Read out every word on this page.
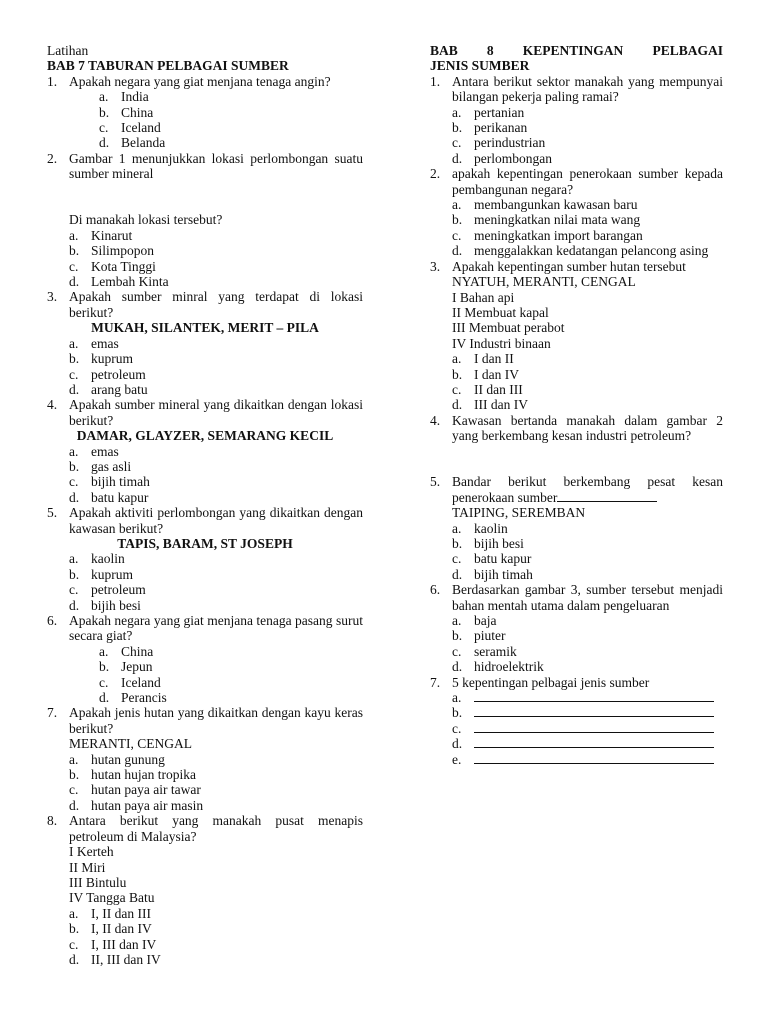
Latihan
BAB 7 TABURAN PELBAGAI SUMBER
1. Apakah negara yang giat menjana tenaga angin?
a. India
b. China
c. Iceland
d. Belanda
2. Gambar 1 menunjukkan lokasi perlombongan suatu sumber mineral
Di manakah lokasi tersebut?
a. Kinarut
b. Silimpopon
c. Kota Tinggi
d. Lembah Kinta
3. Apakah sumber minral yang terdapat di lokasi berikut?
MUKAH, SILANTEK, MERIT – PILA
a. emas
b. kuprum
c. petroleum
d. arang batu
4. Apakah sumber mineral yang dikaitkan dengan lokasi berikut?
DAMAR, GLAYZER, SEMARANG KECIL
a. emas
b. gas asli
c. bijih timah
d. batu kapur
5. Apakah aktiviti perlombongan yang dikaitkan dengan kawasan berikut?
TAPIS, BARAM, ST JOSEPH
a. kaolin
b. kuprum
c. petroleum
d. bijih besi
6. Apakah negara yang giat menjana tenaga pasang surut secara giat?
a. China
b. Jepun
c. Iceland
d. Perancis
7. Apakah jenis hutan yang dikaitkan dengan kayu keras berikut?
MERANTI, CENGAL
a. hutan gunung
b. hutan hujan tropika
c. hutan paya air tawar
d. hutan paya air masin
8. Antara berikut yang manakah pusat menapis petroleum di Malaysia?
I Kerteh
II Miri
III Bintulu
IV Tangga Batu
a. I, II dan III
b. I, II dan IV
c. I, III dan IV
d. II, III dan IV
BAB 8 KEPENTINGAN PELBAGAI
JENIS SUMBER
1. Antara berikut sektor manakah yang mempunyai bilangan pekerja paling ramai?
a. pertanian
b. perikanan
c. perindustrian
d. perlombongan
2. apakah kepentingan penerokaan sumber kepada pembangunan negara?
a. membangunkan kawasan baru
b. meningkatkan nilai mata wang
c. meningkatkan import barangan
d. menggalakkan kedatangan pelancong asing
3. Apakah kepentingan sumber hutan tersebut
NYATUH, MERANTI, CENGAL
I Bahan api
II Membuat kapal
III Membuat perabot
IV Industri binaan
a. I dan II
b. I dan IV
c. II dan III
d. III dan IV
4. Kawasan bertanda manakah dalam gambar 2 yang berkembang kesan industri petroleum?
5. Bandar berikut berkembang pesat kesan penerokaan sumber
TAIPING, SEREMBAN
a. kaolin
b. bijih besi
c. batu kapur
d. bijih timah
6. Berdasarkan gambar 3, sumber tersebut menjadi bahan mentah utama dalam pengeluaran
a. baja
b. piuter
c. seramik
d. hidroelektrik
7. 5 kepentingan pelbagai jenis sumber
a.
b.
c.
d.
e.
